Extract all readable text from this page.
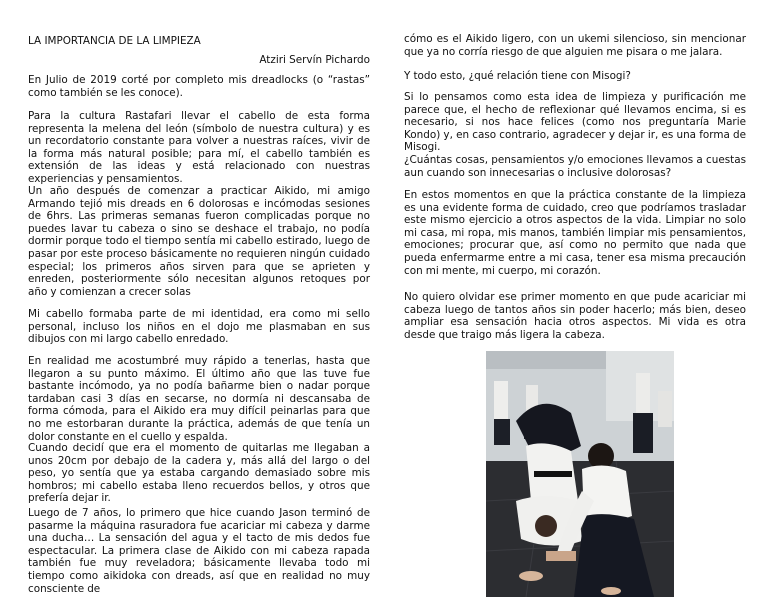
LA IMPORTANCIA DE LA LIMPIEZA
Atziri Servín Pichardo

En Julio de 2019 corté por completo mis dreadlocks (o “rastas” como también se les conoce).

Para la cultura Rastafari llevar el cabello de esta forma representa la melena del león (símbolo de nuestra cultura) y es un recordatorio constante para volver a nuestras raíces, vivir de la forma más natural posible; para mí, el cabello también es extensión de las ideas y está relacionado con nuestras experiencias y pensamientos.

Un año después de comenzar a practicar Aikido, mi amigo Armando tejió mis dreads en 6 dolorosas e incómodas sesiones de 6hrs. Las primeras semanas fueron complicadas porque no puedes lavar tu cabeza o sino se deshace el trabajo, no podía dormir porque todo el tiempo sentía mi cabello estirado, luego de pasar por este proceso básicamente no requieren ningún cuidado especial; los primeros años sirven para que se aprieten y enreden, posteriormente sólo necesitan algunos retoques por año y comienzan a crecer solas

Mi cabello formaba parte de mi identidad, era como mi sello personal, incluso los niños en el dojo me plasmaban en sus dibujos con mi largo cabello enredado.

En realidad me acostumbré muy rápido a tenerlas, hasta que llegaron a su punto máximo. El último año que las tuve fue bastante incómodo, ya no podía bañarme bien o nadar porque tardaban casi 3 días en secarse, no dormía ni descansaba de forma cómoda, para el Aikido era muy difícil peinarlas para que no me estorbaran durante la práctica, además de que tenía un dolor constante en el cuello y espalda.

Cuando decidí que era el momento de quitarlas me llegaban a unos 20cm por debajo de la cadera y, más allá del largo o del peso, yo sentía que ya estaba cargando demasiado sobre mis hombros; mi cabello estaba lleno recuerdos bellos, y otros que prefería dejar ir.

Luego de 7 años, lo primero que hice cuando Jason terminó de pasarme la máquina rasuradora fue acariciar mi cabeza y darme una ducha… La sensación del agua y el tacto de mis dedos fue espectacular. La primera clase de Aikido con mi cabeza rapada también fue muy reveladora; básicamente llevaba todo mi tiempo como aikidoka con dreads, así que en realidad no muy consciente de

cómo es el Aikido ligero, con un ukemi silencioso, sin mencionar que ya no corría riesgo de que alguien me pisara o me jalara.

Y todo esto, ¿qué relación tiene con Misogi?

Si lo pensamos como esta idea de limpieza y purificación me parece que, el hecho de reflexionar qué llevamos encima, si es necesario, si nos hace felices (como nos preguntaría Marie Kondo) y, en caso contrario, agradecer y dejar ir, es una forma de Misogi.

¿Cuántas cosas, pensamientos y/o emociones llevamos a cuestas aun cuando son innecesarias o inclusive dolorosas?

En estos momentos en que la práctica constante de la limpieza es una evidente forma de cuidado, creo que podríamos trasladar este mismo ejercicio a otros aspectos de la vida. Limpiar no solo mi casa, mi ropa, mis manos, también limpiar mis pensamientos, emociones; procurar que, así como no permito que nada que pueda enfermarme entre a mi casa, tener esa misma precaución con mi mente, mi cuerpo, mi corazón.

No quiero olvidar ese primer momento en que pude acariciar mi cabeza luego de tantos años sin poder hacerlo; más bien, deseo ampliar esa sensación hacia otros aspectos. Mi vida es otra desde que traigo más ligera la cabeza.
